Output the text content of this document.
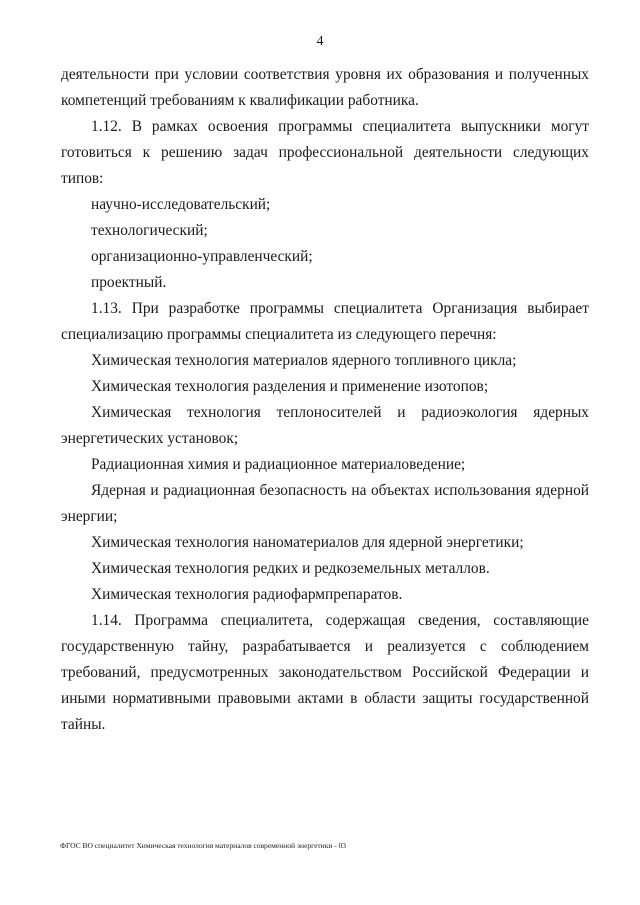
4

деятельности при условии соответствия уровня их образования и полученных компетенций требованиям к квалификации работника.

1.12. В рамках освоения программы специалитета выпускники могут готовиться к решению задач профессиональной деятельности следующих типов:

научно-исследовательский;

технологический;

организационно-управленческий;

проектный.

1.13. При разработке программы специалитета Организация выбирает специализацию программы специалитета из следующего перечня:

Химическая технология материалов ядерного топливного цикла;

Химическая технология разделения и применение изотопов;

Химическая технология теплоносителей и радиоэкология ядерных энергетических установок;

Радиационная химия и радиационное материаловедение;

Ядерная и радиационная безопасность на объектах использования ядерной энергии;

Химическая технология наноматериалов для ядерной энергетики;

Химическая технология редких и редкоземельных металлов.

Химическая технология радиофармпрепаратов.

1.14. Программа специалитета, содержащая сведения, составляющие государственную тайну, разрабатывается и реализуется с соблюдением требований, предусмотренных законодательством Российской Федерации и иными нормативными правовыми актами в области защиты государственной тайны.

ФГОС ВО специалитет Химическая технология материалов современной энергетики - 03
